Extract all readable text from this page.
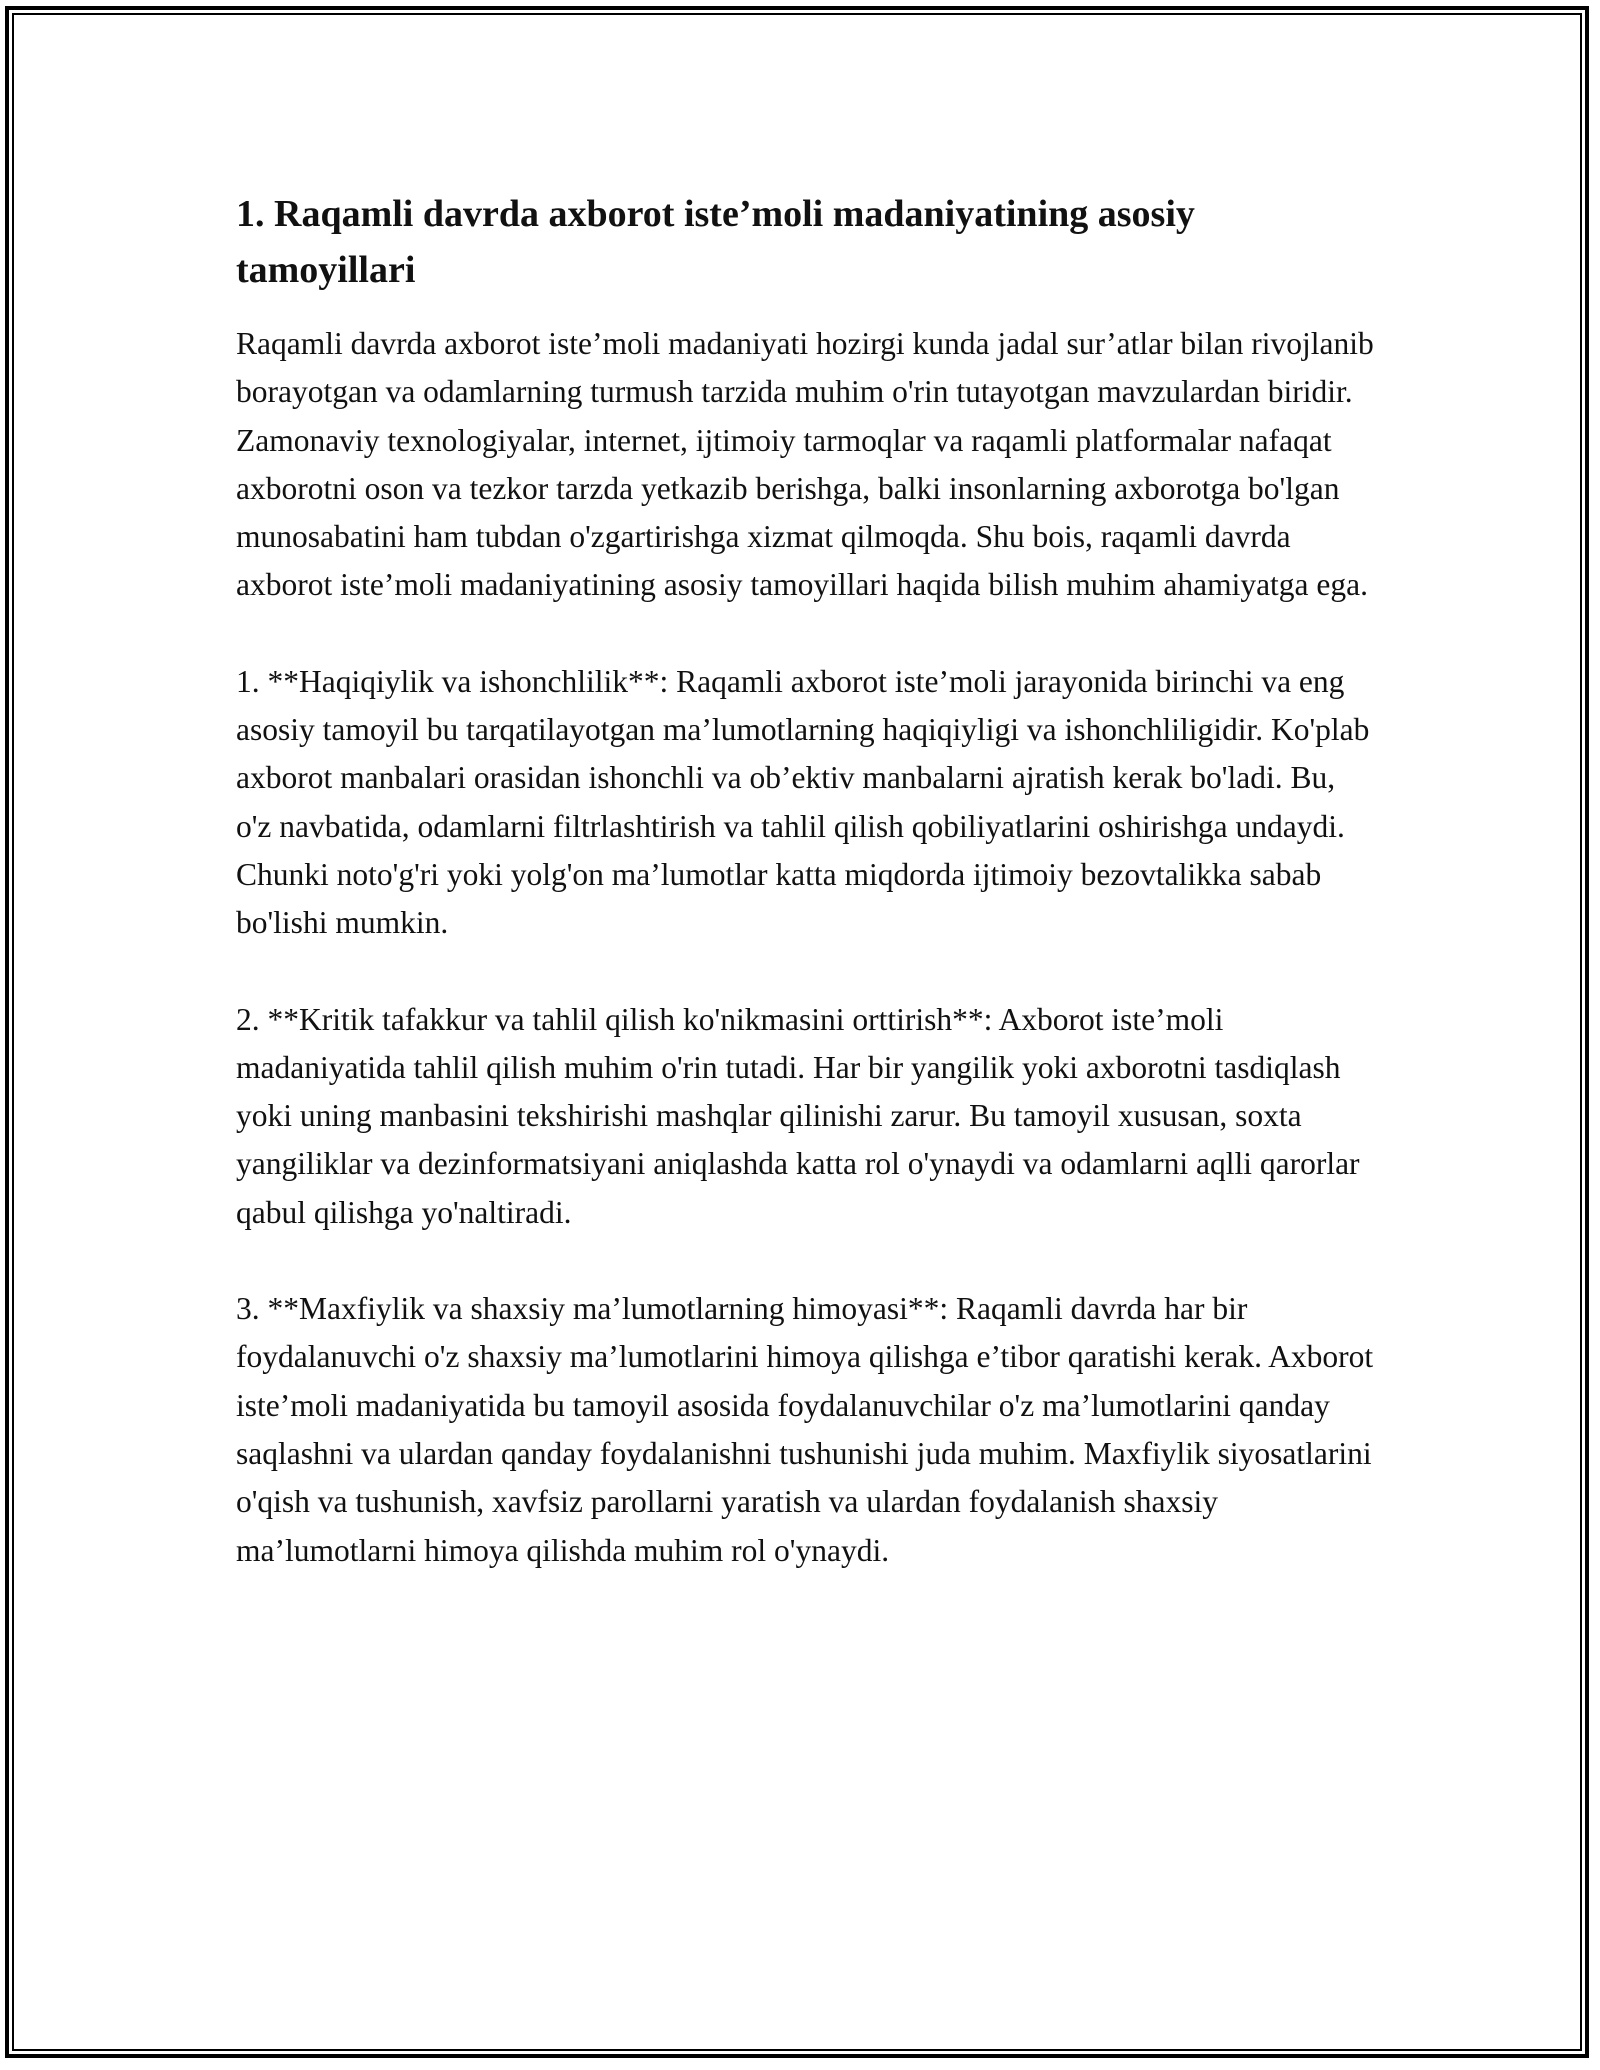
1. Raqamli davrda axborot iste’moli madaniyatining asosiy tamoyillari

Raqamli davrda axborot iste’moli madaniyati hozirgi kunda jadal sur’atlar bilan rivojlanib borayotgan va odamlarning turmush tarzida muhim o'rin tutayotgan mavzulardan biridir. Zamonaviy texnologiyalar, internet, ijtimoiy tarmoqlar va raqamli platformalar nafaqat axborotni oson va tezkor tarzda yetkazib berishga, balki insonlarning axborotga bo'lgan munosabatini ham tubdan o'zgartirishga xizmat qilmoqda. Shu bois, raqamli davrda axborot iste’moli madaniyatining asosiy tamoyillari haqida bilish muhim ahamiyatga ega.

1. **Haqiqiylik va ishonchlilik**: Raqamli axborot iste’moli jarayonida birinchi va eng asosiy tamoyil bu tarqatilayotgan ma’lumotlarning haqiqiyligi va ishonchliligidir. Ko'plab axborot manbalari orasidan ishonchli va ob’ektiv manbalarni ajratish kerak bo'ladi. Bu, o'z navbatida, odamlarni filtrlashtirish va tahlil qilish qobiliyatlarini oshirishga undaydi. Chunki noto'g'ri yoki yolg'on ma’lumotlar katta miqdorda ijtimoiy bezovtalikka sabab bo'lishi mumkin.

2. **Kritik tafakkur va tahlil qilish ko'nikmasini orttirish**: Axborot iste’moli madaniyatida tahlil qilish muhim o'rin tutadi. Har bir yangilik yoki axborotni tasdiqlash yoki uning manbasini tekshirishi mashqlar qilinishi zarur. Bu tamoyil xususan, soxta yangiliklar va dezinformatsiyani aniqlashda katta rol o'ynaydi va odamlarni aqlli qarorlar qabul qilishga yo'naltiradi.

3. **Maxfiylik va shaxsiy ma’lumotlarning himoyasi**: Raqamli davrda har bir foydalanuvchi o'z shaxsiy ma’lumotlarini himoya qilishga e’tibor qaratishi kerak. Axborot iste’moli madaniyatida bu tamoyil asosida foydalanuvchilar o'z ma’lumotlarini qanday saqlashni va ulardan qanday foydalanishni tushunishi juda muhim. Maxfiylik siyosatlarini o'qish va tushunish, xavfsiz parollarni yaratish va ulardan foydalanish shaxsiy ma’lumotlarni himoya qilishda muhim rol o'ynaydi.
